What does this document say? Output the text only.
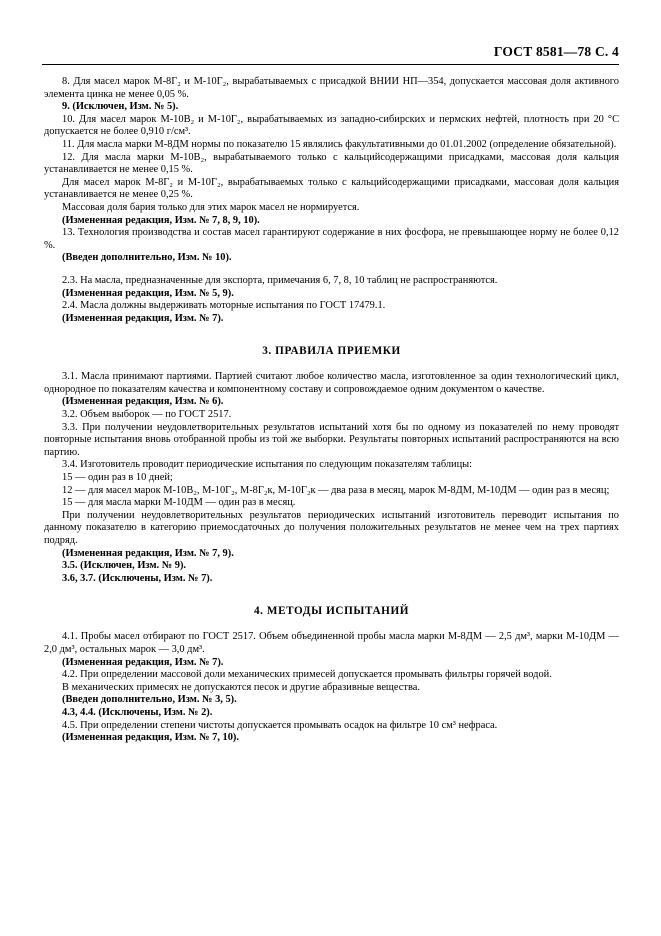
ГОСТ 8581—78 С. 4

8. Для масел марок М-8Г₂ и М-10Г₂, вырабатываемых с присадкой ВНИИ НП—354, допускается массовая доля активного элемента цинка не менее 0,05 %.

9. (Исключен, Изм. № 5).

10. Для масел марок М-10В₂ и М-10Г₂, вырабатываемых из западно-сибирских и пермских нефтей, плотность при 20 °С допускается не более 0,910 г/см³.

11. Для масла марки М-8ДМ нормы по показателю 15 являлись факультативными до 01.01.2002 (определение обязательной).

12. Для масла марки М-10В₂, вырабатываемого только с кальцийсодержащими присадками, массовая доля кальция устанавливается не менее 0,15 %.

Для масел марок М-8Г₂ и М-10Г₂, вырабатываемых только с кальцийсодержащими присадками, массовая доля кальция устанавливается не менее 0,25 %.

Массовая доля бария только для этих марок масел не нормируется.

(Измененная редакция, Изм. № 7, 8, 9, 10).

13. Технология производства и состав масел гарантируют содержание в них фосфора, не превышающее норму не более 0,12 %.

(Введен дополнительно, Изм. № 10).

2.3. На масла, предназначенные для экспорта, примечания 6, 7, 8, 10 таблиц не распространяются.

(Измененная редакция, Изм. № 5, 9).

2.4. Масла должны выдерживать моторные испытания по ГОСТ 17479.1.

(Измененная редакция, Изм. № 7).

3. ПРАВИЛА ПРИЕМКИ

3.1. Масла принимают партиями. Партией считают любое количество масла, изготовленное за один технологический цикл, однородное по показателям качества и компонентному составу и сопровождаемое одним документом о качестве.

(Измененная редакция, Изм. № 6).

3.2. Объем выборок — по ГОСТ 2517.

3.3. При получении неудовлетворительных результатов испытаний хотя бы по одному из показателей по нему проводят повторные испытания вновь отобранной пробы из той же выборки. Результаты повторных испытаний распространяются на всю партию.

3.4. Изготовитель проводит периодические испытания по следующим показателям таблицы:

15 — один раз в 10 дней;

12 — для масел марок М-10В₂, М-10Г₂, М-8Г₂к, М-10Г₂к — два раза в месяц, марок М-8ДМ, М-10ДМ — один раз в месяц;

15 — для масла марки М-10ДМ — один раз в месяц.

При получении неудовлетворительных результатов периодических испытаний изготовитель переводит испытания по данному показателю в категорию приемосдаточных до получения положительных результатов не менее чем на трех партиях подряд.

(Измененная редакция, Изм. № 7, 9).

3.5. (Исключен, Изм. № 9).

3.6, 3.7. (Исключены, Изм. № 7).

4. МЕТОДЫ ИСПЫТАНИЙ

4.1. Пробы масел отбирают по ГОСТ 2517. Объем объединенной пробы масла марки М-8ДМ — 2,5 дм³, марки М-10ДМ — 2,0 дм³, остальных марок — 3,0 дм³.

(Измененная редакция, Изм. № 7).

4.2. При определении массовой доли механических примесей допускается промывать фильтры горячей водой.

В механических примесях не допускаются песок и другие абразивные вещества.

(Введен дополнительно, Изм. № 3, 5).

4.3, 4.4. (Исключены, Изм. № 2).

4.5. При определении степени чистоты допускается промывать осадок на фильтре 10 см³ нефраса.

(Измененная редакция, Изм. № 7, 10).
